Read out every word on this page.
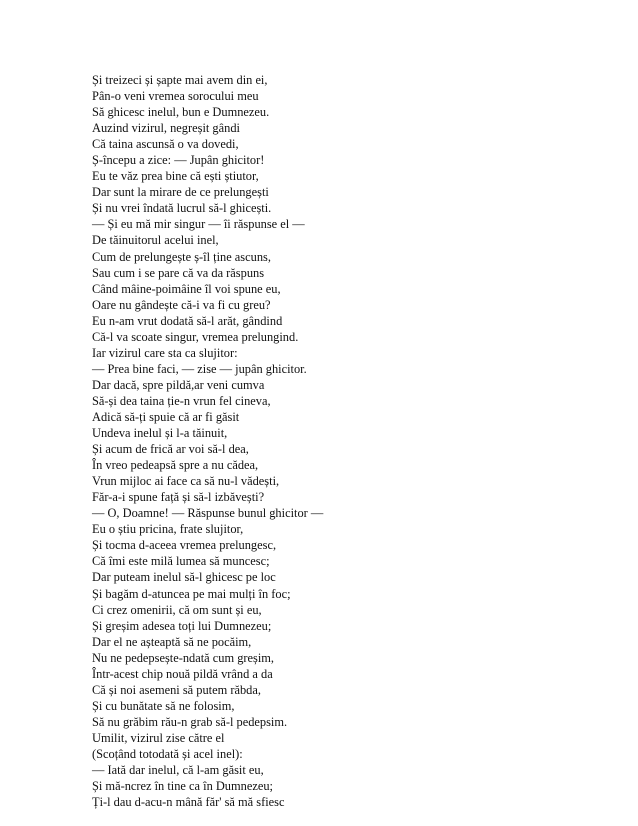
Și treizeci și șapte mai avem din ei,
Pân-o veni vremea sorocului meu
Să ghicesc inelul, bun e Dumnezeu.
Auzind vizirul, negreșit gândi
Că taina ascunsă o va dovedi,
Ș-începu a zice: — Jupân ghicitor!
Eu te văz prea bine că ești știutor,
Dar sunt la mirare de ce prelungești
Și nu vrei îndată lucrul să-l ghicești.
— Și eu mă mir singur — îi răspunse el —
De tăinuitorul acelui inel,
Cum de prelungește ș-îl ține ascuns,
Sau cum i se pare că va da răspuns
Când mâine-poimâine îl voi spune eu,
Oare nu gândește că-i va fi cu greu?
Eu n-am vrut dodată să-l arăt, gândind
Că-l va scoate singur, vremea prelungind.
Iar vizirul care sta ca slujitor:
— Prea bine faci, — zise — jupân ghicitor.
Dar dacă, spre pildă,ar veni cumva
Să-și dea taina ție-n vrun fel cineva,
Adică să-ți spuie că ar fi găsit
Undeva inelul și l-a tăinuit,
Și acum de frică ar voi să-l dea,
În vreo pedeapsă spre a nu cădea,
Vrun mijloc ai face ca să nu-l vădești,
Făr-a-i spune față și să-l izbăvești?
— O, Doamne! — Răspunse bunul ghicitor —
Eu o știu pricina, frate slujitor,
Și tocma d-aceea vremea prelungesc,
Că îmi este milă lumea să muncesc;
Dar puteam inelul să-l ghicesc pe loc
Și bagăm d-atuncea pe mai mulți în foc;
Ci crez omenirii, că om sunt și eu,
Și greșim adesea toți lui Dumnezeu;
Dar el ne așteaptă să ne pocăim,
Nu ne pedepsește-ndată cum greșim,
Într-acest chip nouă pildă vrând a da
Că și noi asemeni să putem răbda,
Și cu bunătate să ne folosim,
Să nu grăbim rău-n grab să-l pedepsim.
Umilit, vizirul zise către el
(Scoțând totodată și acel inel):
— Iată dar inelul, că l-am găsit eu,
Și mă-ncrez în tine ca în Dumnezeu;
Ți-l dau d-acu-n mână făr' să mă sfiesc
